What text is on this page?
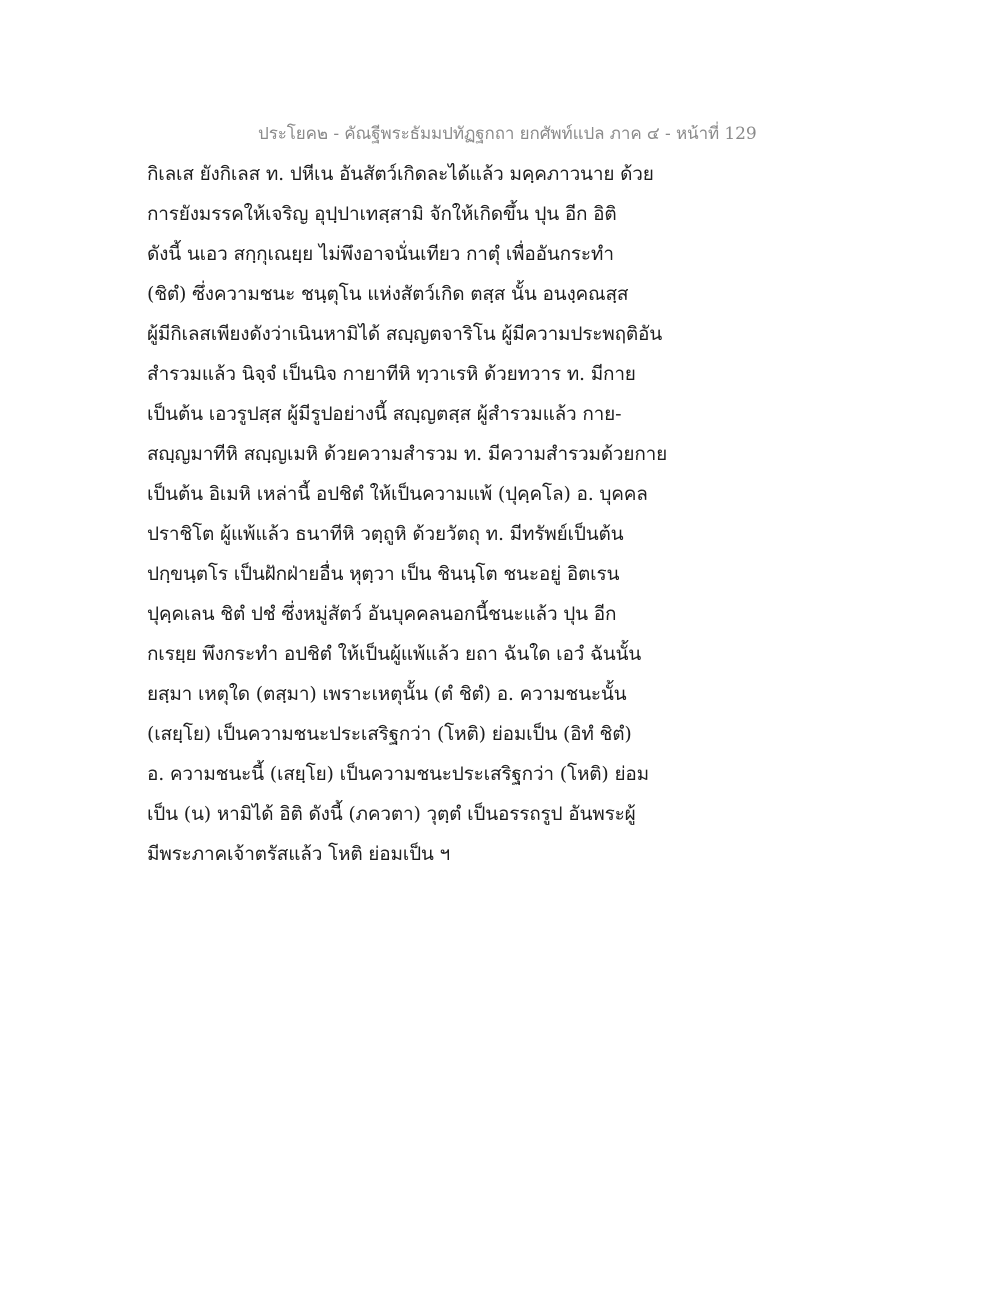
ประโยค๒ - คัณฐีพระธัมมปทัฏฐกถา ยกศัพท์แปล ภาค ๔ - หน้าที่ 129
กิเลเส ยังกิเลส ท. ปหีเน อันสัตว์เกิดละได้แล้ว มคฺคภาวนาย ด้วย
การยังมรรคให้เจริญ อุปฺปาเทสฺสามิ จักให้เกิดขึ้น ปุน อีก อิติ
ดังนี้ นเอว สกฺกุเณยฺย ไม่พึงอาจนั่นเทียว กาตุํ เพื่ออันกระทำ
(ชิตํ) ซึ่งความชนะ ชนฺตุโน แห่งสัตว์เกิด ตสฺส นั้น อนงฺคณสฺส
ผู้มีกิเลสเพียงดังว่าเนินหามิได้ สญฺญตจาริโน ผู้มีความประพฤติอัน
สำรวมแล้ว นิจฺจํ เป็นนิจ กายาทีหิ ทฺวาเรหิ ด้วยทวาร ท. มีกาย
เป็นต้น เอวรูปสฺส ผู้มีรูปอย่างนี้ สญฺญตสฺส ผู้สำรวมแล้ว กาย-
สญฺญมาทีหิ สญฺญเมหิ ด้วยความสำรวม ท. มีความสำรวมด้วยกาย
เป็นต้น อิเมหิ เหล่านี้ อปชิตํ ให้เป็นความแพ้ (ปุคฺคโล) อ. บุคคล
ปราชิโต ผู้แพ้แล้ว ธนาทีหิ วตฺถูหิ ด้วยวัตถุ ท. มีทรัพย์เป็นต้น
ปกฺขนฺตโร เป็นฝักฝ่ายอื่น หุตฺวา เป็น ชินนฺโต ชนะอยู่ อิตเรน
ปุคฺคเลน ชิตํ ปชํ ซึ่งหมู่สัตว์ อันบุคคลนอกนี้ชนะแล้ว ปุน อีก
กเรยฺย พึงกระทำ อปชิตํ ให้เป็นผู้แพ้แล้ว ยถา ฉันใด เอวํ ฉันนั้น
ยสฺมา เหตุใด (ตสฺมา) เพราะเหตุนั้น (ตํ ชิตํ) อ. ความชนะนั้น
(เสยฺโย) เป็นความชนะประเสริฐกว่า (โหติ) ย่อมเป็น (อิทํ ชิตํ)
อ. ความชนะนี้ (เสยฺโย) เป็นความชนะประเสริฐกว่า (โหติ) ย่อม
เป็น (น) หามิได้ อิติ ดังนี้ (ภควตา) วุตฺตํ เป็นอรรถรูป อันพระผู้
มีพระภาคเจ้าตรัสแล้ว โหติ ย่อมเป็น ฯ
